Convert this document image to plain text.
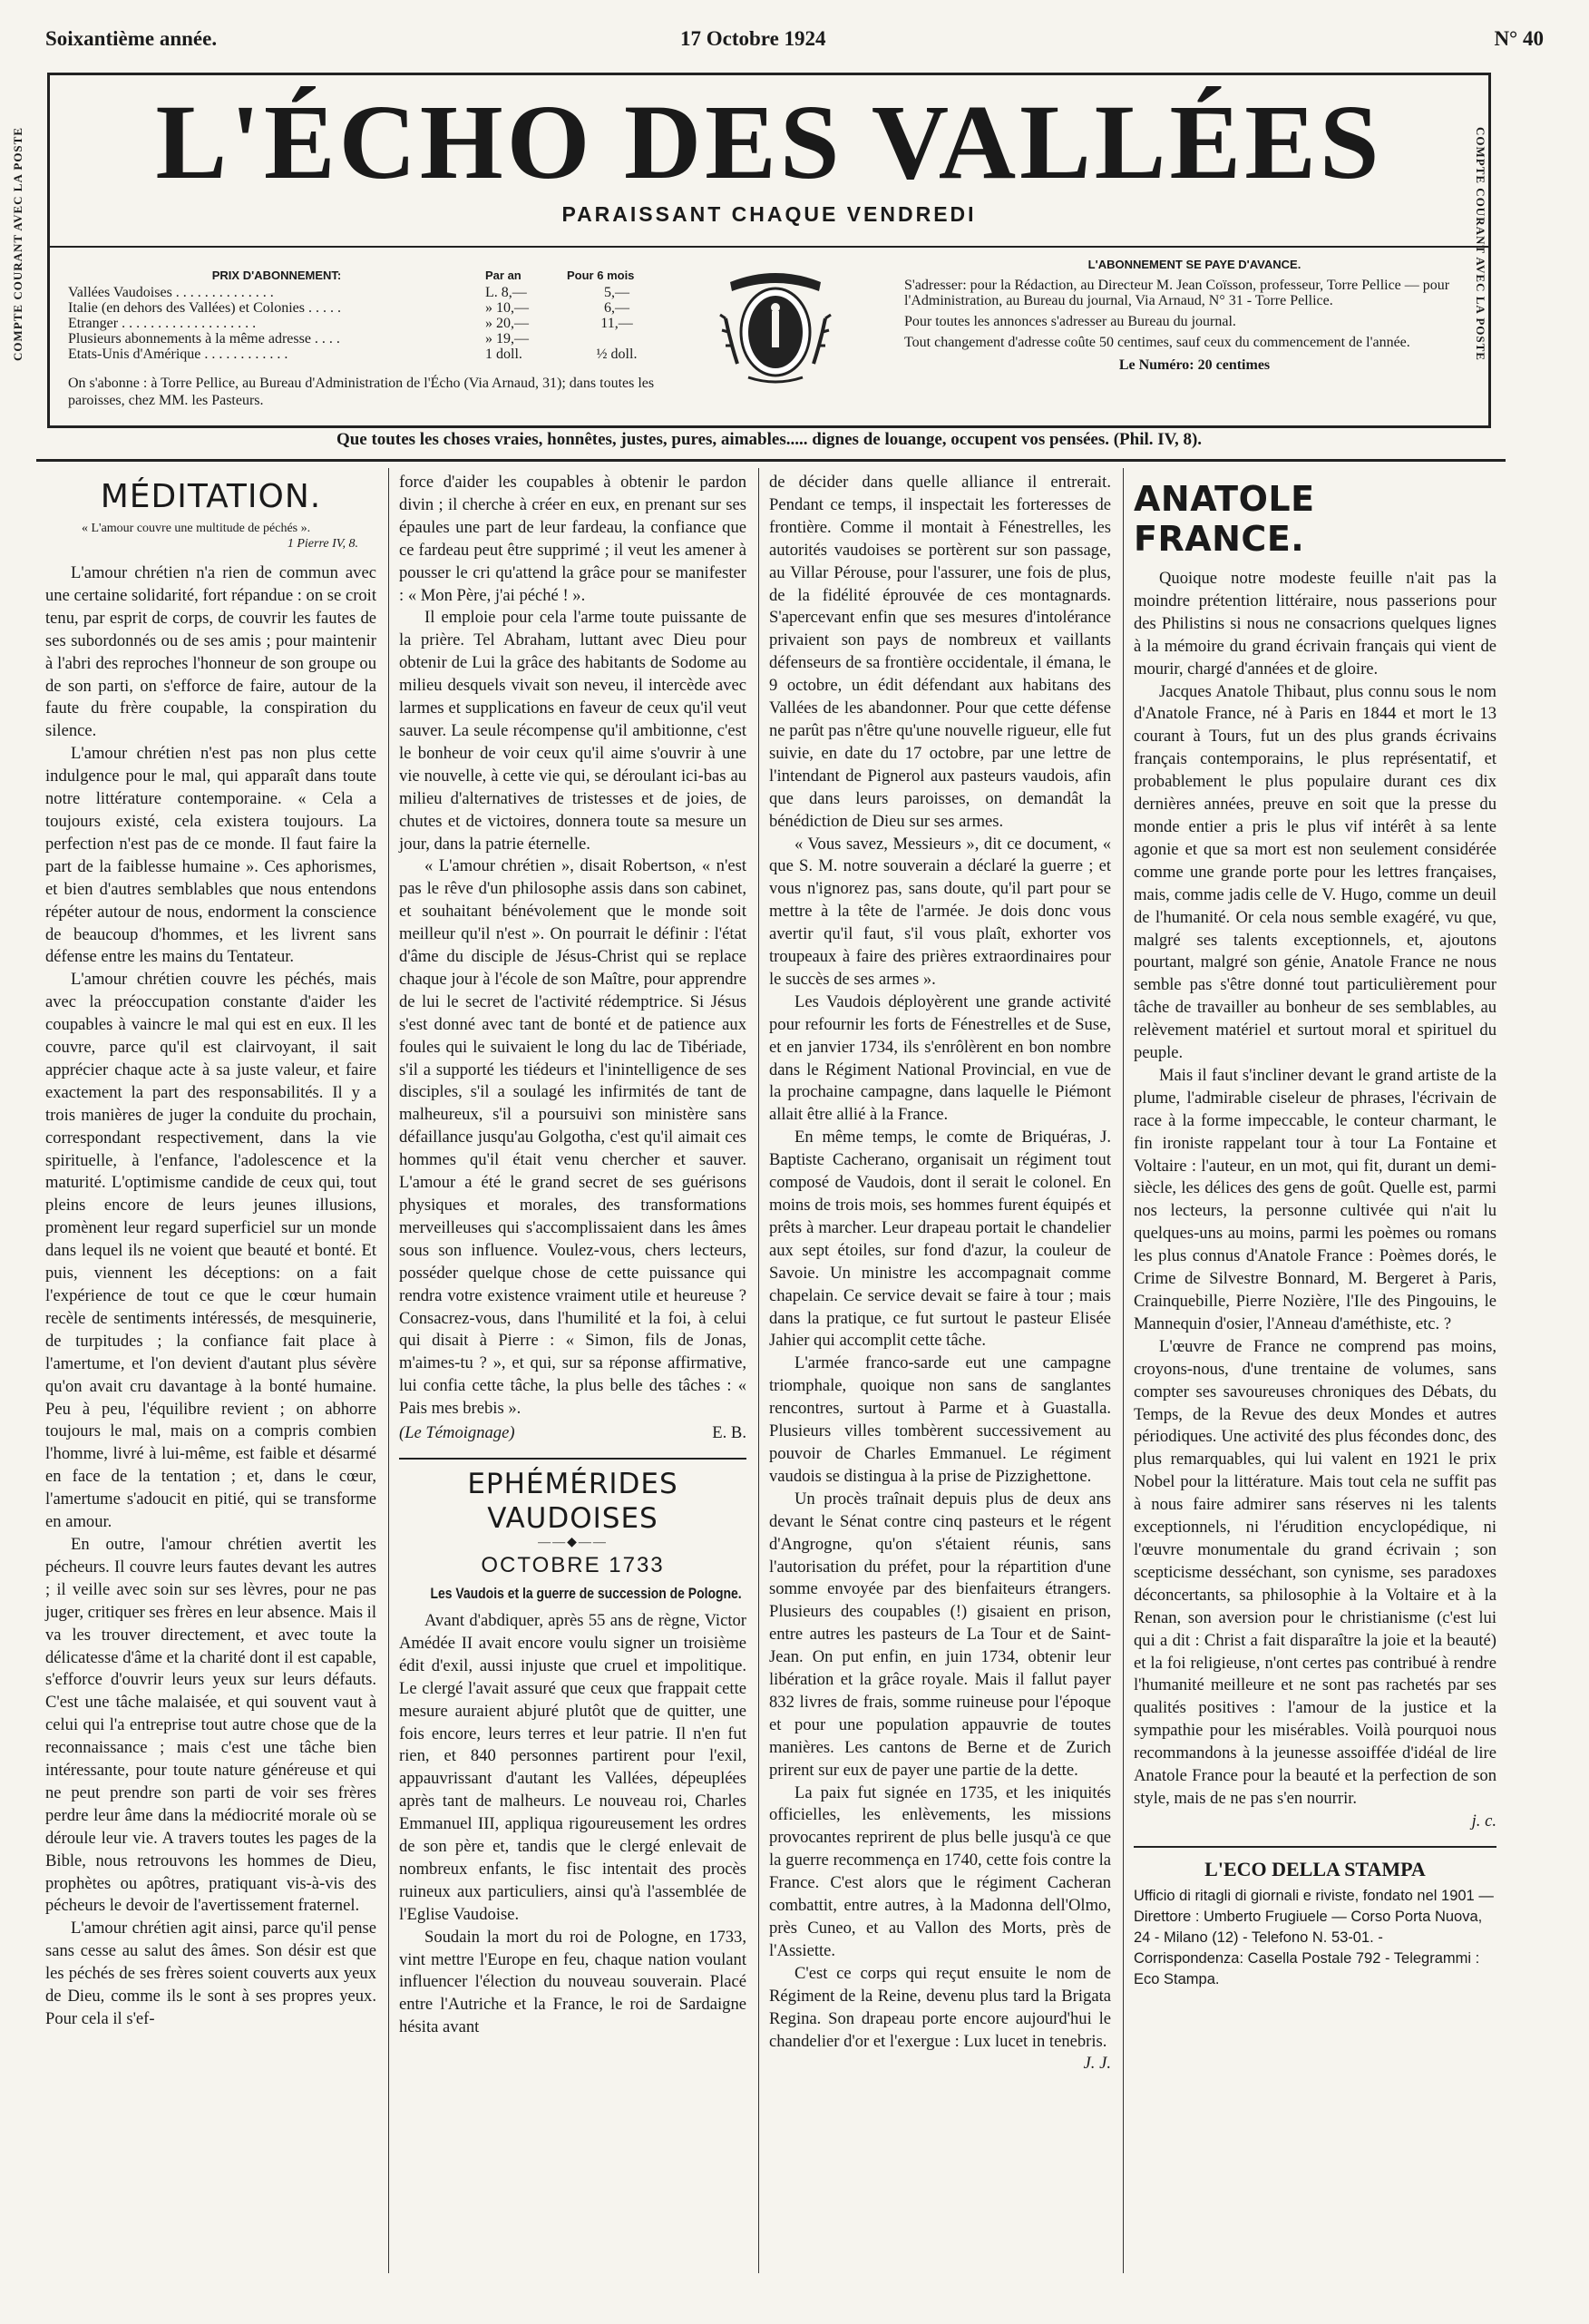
Soixantième année.	17 Octobre 1924	N° 40
COMPTE COURANT AVEC LA POSTE	COMPTE COURANT AVEC LA POSTE
L'ÉCHO DES VALLÉES
PARAISSANT CHAQUE VENDREDI
PRIX D'ABONNEMENT:	Par an	Pour 6 mois
Vallées Vaudoises . . . . . . . . . . . . . .	L. 8,—	5,—
Italie (en dehors des Vallées) et Colonies . . . . .	» 10,—	6,—
Etranger . . . . . . . . . . . . . . . . . . .	» 20,—	11,—
Plusieurs abonnements à la même adresse . . . .	» 19,—
Etats-Unis d'Amérique . . . . . . . . . . . .	1 doll.	½ doll.
On s'abonne : à Torre Pellice, au Bureau d'Administration de l'Écho (Via Arnaud, 31); dans toutes les paroisses, chez MM. les Pasteurs.
L'ABONNEMENT SE PAYE D'AVANCE.

S'adresser: pour la Rédaction, au Directeur M. Jean Coïsson, professeur, Torre Pellice — pour l'Administration, au Bureau du journal, Via Arnaud, N° 31 - Torre Pellice.

Pour toutes les annonces s'adresser au Bureau du journal.

Tout changement d'adresse coûte 50 centimes, sauf ceux du commencement de l'année.

Le Numéro: 20 centimes
Que toutes les choses vraies, honnêtes, justes, pures, aimables..... dignes de louange, occupent vos pensées. (Phil. IV, 8).
MÉDITATION.
« L'amour couvre une multitude de péchés ».
1 Pierre IV, 8.

L'amour chrétien n'a rien de commun avec une certaine solidarité, fort répandue : on se croit tenu, par esprit de corps, de couvrir les fautes de ses subordonnés ou de ses amis ; pour maintenir à l'abri des reproches l'honneur de son groupe ou de son parti, on s'efforce de faire, autour de la faute du frère coupable, la conspiration du silence.

L'amour chrétien n'est pas non plus cette indulgence pour le mal, qui apparaît dans toute notre littérature contemporaine. « Cela a toujours existé, cela existera toujours. La perfection n'est pas de ce monde. Il faut faire la part de la faiblesse humaine ». Ces aphorismes, et bien d'autres semblables que nous entendons répéter autour de nous, endorment la conscience de beaucoup d'hommes, et les livrent sans défense entre les mains du Tentateur.

L'amour chrétien couvre les péchés, mais avec la préoccupation constante d'aider les coupables à vaincre le mal qui est en eux. Il les couvre, parce qu'il est clairvoyant, il sait apprécier chaque acte à sa juste valeur, et faire exactement la part des responsabilités. Il y a trois manières de juger la conduite du prochain, correspondant respectivement, dans la vie spirituelle, à l'enfance, l'adolescence et la maturité. L'optimisme candide de ceux qui, tout pleins encore de leurs jeunes illusions, promènent leur regard superficiel sur un monde dans lequel ils ne voient que beauté et bonté. Et puis, viennent les déceptions: on a fait l'expérience de tout ce que le cœur humain recèle de sentiments intéressés, de mesquinerie, de turpitudes ; la confiance fait place à l'amertume, et l'on devient d'autant plus sévère qu'on avait cru davantage à la bonté humaine. Peu à peu, l'équilibre revient ; on abhorre toujours le mal, mais on a compris combien l'homme, livré à lui-même, est faible et désarmé en face de la tentation ; et, dans le cœur, l'amertume s'adoucit en pitié, qui se transforme en amour.

En outre, l'amour chrétien avertit les pécheurs. Il couvre leurs fautes devant les autres ; il veille avec soin sur ses lèvres, pour ne pas juger, critiquer ses frères en leur absence. Mais il va les trouver directement, et avec toute la délicatesse d'âme et la charité dont il est capable, s'efforce d'ouvrir leurs yeux sur leurs défauts. C'est une tâche malaisée, et qui souvent vaut à celui qui l'a entreprise tout autre chose que de la reconnaissance ; mais c'est une tâche bien intéressante, pour toute nature généreuse et qui ne peut prendre son parti de voir ses frères perdre leur âme dans la médiocrité morale où se déroule leur vie. A travers toutes les pages de la Bible, nous retrouvons les hommes de Dieu, prophètes ou apôtres, pratiquant vis-à-vis des pécheurs le devoir de l'avertissement fraternel.

L'amour chrétien agit ainsi, parce qu'il pense sans cesse au salut des âmes. Son désir est que les péchés de ses frères soient couverts aux yeux de Dieu, comme ils le sont à ses propres yeux. Pour cela il s'ef-

force d'aider les coupables à obtenir le pardon divin ; il cherche à créer en eux, en prenant sur ses épaules une part de leur fardeau, la confiance que ce fardeau peut être supprimé ; il veut les amener à pousser le cri qu'attend la grâce pour se manifester : « Mon Père, j'ai péché ! ».

Il emploie pour cela l'arme toute puissante de la prière. Tel Abraham, luttant avec Dieu pour obtenir de Lui la grâce des habitants de Sodome au milieu desquels vivait son neveu, il intercède avec larmes et supplications en faveur de ceux qu'il veut sauver. La seule récompense qu'il ambitionne, c'est le bonheur de voir ceux qu'il aime s'ouvrir à une vie nouvelle, à cette vie qui, se déroulant ici-bas au milieu d'alternatives de tristesses et de joies, de chutes et de victoires, donnera toute sa mesure un jour, dans la patrie éternelle.

« L'amour chrétien », disait Robertson, « n'est pas le rêve d'un philosophe assis dans son cabinet, et souhaitant bénévolement que le monde soit meilleur qu'il n'est ». On pourrait le définir : l'état d'âme du disciple de Jésus-Christ qui se replace chaque jour à l'école de son Maître, pour apprendre de lui le secret de l'activité rédemptrice. Si Jésus s'est donné avec tant de bonté et de patience aux foules qui le suivaient le long du lac de Tibériade, s'il a supporté les tiédeurs et l'inintelligence de ses disciples, s'il a soulagé les infirmités de tant de malheureux, s'il a poursuivi son ministère sans défaillance jusqu'au Golgotha, c'est qu'il aimait ces hommes qu'il était venu chercher et sauver. L'amour a été le grand secret de ses guérisons physiques et morales, des transformations merveilleuses qui s'accomplissaient dans les âmes sous son influence. Voulez-vous, chers lecteurs, posséder quelque chose de cette puissance qui rendra votre existence vraiment utile et heureuse ? Consacrez-vous, dans l'humilité et la foi, à celui qui disait à Pierre : « Simon, fils de Jonas, m'aimes-tu ? », et qui, sur sa réponse affirmative, lui confia cette tâche, la plus belle des tâches : « Pais mes brebis ».

(Le Témoignage)	E. B.
EPHÉMÉRIDES VAUDOISES
——◆——
OCTOBRE 1733
Les Vaudois et la guerre de succession de Pologne.

Avant d'abdiquer, après 55 ans de règne, Victor Amédée II avait encore voulu signer un troisième édit d'exil, aussi injuste que cruel et impolitique. Le clergé l'avait assuré que ceux que frappait cette mesure auraient abjuré plutôt que de quitter, une fois encore, leurs terres et leur patrie. Il n'en fut rien, et 840 personnes partirent pour l'exil, appauvrissant d'autant les Vallées, dépeuplées après tant de malheurs. Le nouveau roi, Charles Emmanuel III, appliqua rigoureusement les ordres de son père et, tandis que le clergé enlevait de nombreux enfants, le fisc intentait des procès ruineux aux particuliers, ainsi qu'à l'assemblée de l'Eglise Vaudoise.

Soudain la mort du roi de Pologne, en 1733, vint mettre l'Europe en feu, chaque nation voulant influencer l'élection du nouveau souverain. Placé entre l'Autriche et la France, le roi de Sardaigne hésita avant

de décider dans quelle alliance il entrerait. Pendant ce temps, il inspectait les forteresses de frontière. Comme il montait à Fénestrelles, les autorités vaudoises se portèrent sur son passage, au Villar Pérouse, pour l'assurer, une fois de plus, de la fidélité éprouvée de ces montagnards. S'apercevant enfin que ses mesures d'intolérance privaient son pays de nombreux et vaillants défenseurs de sa frontière occidentale, il émana, le 9 octobre, un édit défendant aux habitans des Vallées de les abandonner. Pour que cette défense ne parût pas n'être qu'une nouvelle rigueur, elle fut suivie, en date du 17 octobre, par une lettre de l'intendant de Pignerol aux pasteurs vaudois, afin que dans leurs paroisses, on demandât la bénédiction de Dieu sur ses armes.

« Vous savez, Messieurs », dit ce document, « que S. M. notre souverain a déclaré la guerre ; et vous n'ignorez pas, sans doute, qu'il part pour se mettre à la tête de l'armée. Je dois donc vous avertir qu'il faut, s'il vous plaît, exhorter vos troupeaux à faire des prières extraordinaires pour le succès de ses armes ».

Les Vaudois déployèrent une grande activité pour refournir les forts de Fénestrelles et de Suse, et en janvier 1734, ils s'enrôlèrent en bon nombre dans le Régiment National Provincial, en vue de la prochaine campagne, dans laquelle le Piémont allait être allié à la France.

En même temps, le comte de Briquéras, J. Baptiste Cacherano, organisait un régiment tout composé de Vaudois, dont il serait le colonel. En moins de trois mois, ses hommes furent équipés et prêts à marcher. Leur drapeau portait le chandelier aux sept étoiles, sur fond d'azur, la couleur de Savoie. Un ministre les accompagnait comme chapelain. Ce service devait se faire à tour ; mais dans la pratique, ce fut surtout le pasteur Elisée Jahier qui accomplit cette tâche.

L'armée franco-sarde eut une campagne triomphale, quoique non sans de sanglantes rencontres, surtout à Parme et à Guastalla. Plusieurs villes tombèrent successivement au pouvoir de Charles Emmanuel. Le régiment vaudois se distingua à la prise de Pizzighettone.

Un procès traînait depuis plus de deux ans devant le Sénat contre cinq pasteurs et le régent d'Angrogne, qu'on s'étaient réunis, sans l'autorisation du préfet, pour la répartition d'une somme envoyée par des bienfaiteurs étrangers. Plusieurs des coupables (!) gisaient en prison, entre autres les pasteurs de La Tour et de Saint-Jean. On put enfin, en juin 1734, obtenir leur libération et la grâce royale. Mais il fallut payer 832 livres de frais, somme ruineuse pour l'époque et pour une population appauvrie de toutes manières. Les cantons de Berne et de Zurich prirent sur eux de payer une partie de la dette.

La paix fut signée en 1735, et les iniquités officielles, les enlèvements, les missions provocantes reprirent de plus belle jusqu'à ce que la guerre recommença en 1740, cette fois contre la France. C'est alors que le régiment Cacheran combattit, entre autres, à la Madonna dell'Olmo, près Cuneo, et au Vallon des Morts, près de l'Assiette.

C'est ce corps qui reçut ensuite le nom de Régiment de la Reine, devenu plus tard la Brigata Regina. Son drapeau porte encore aujourd'hui le chandelier d'or et l'exergue : Lux lucet in tenebris.

J. J.
ANATOLE FRANCE.

Quoique notre modeste feuille n'ait pas la moindre prétention littéraire, nous passerions pour des Philistins si nous ne consacrions quelques lignes à la mémoire du grand écrivain français qui vient de mourir, chargé d'années et de gloire.

Jacques Anatole Thibaut, plus connu sous le nom d'Anatole France, né à Paris en 1844 et mort le 13 courant à Tours, fut un des plus grands écrivains français contemporains, le plus représentatif, et probablement le plus populaire durant ces dix dernières années, preuve en soit que la presse du monde entier a pris le plus vif intérêt à sa lente agonie et que sa mort est non seulement considérée comme une grande porte pour les lettres françaises, mais, comme jadis celle de V. Hugo, comme un deuil de l'humanité. Or cela nous semble exagéré, vu que, malgré ses talents exceptionnels, et, ajoutons pourtant, malgré son génie, Anatole France ne nous semble pas s'être donné tout particulièrement pour tâche de travailler au bonheur de ses semblables, au relèvement matériel et surtout moral et spirituel du peuple.

Mais il faut s'incliner devant le grand artiste de la plume, l'admirable ciseleur de phrases, l'écrivain de race à la forme impeccable, le conteur charmant, le fin ironiste rappelant tour à tour La Fontaine et Voltaire : l'auteur, en un mot, qui fit, durant un demi-siècle, les délices des gens de goût. Quelle est, parmi nos lecteurs, la personne cultivée qui n'ait lu quelques-uns au moins, parmi les poèmes ou romans les plus connus d'Anatole France : Poèmes dorés, le Crime de Silvestre Bonnard, M. Bergeret à Paris, Crainquebille, Pierre Nozière, l'Ile des Pingouins, le Mannequin d'osier, l'Anneau d'améthiste, etc. ?

L'œuvre de France ne comprend pas moins, croyons-nous, d'une trentaine de volumes, sans compter ses savoureuses chroniques des Débats, du Temps, de la Revue des deux Mondes et autres périodiques. Une activité des plus fécondes donc, des plus remarquables, qui lui valent en 1921 le prix Nobel pour la littérature. Mais tout cela ne suffit pas à nous faire admirer sans réserves ni les talents exceptionnels, ni l'érudition encyclopédique, ni l'œuvre monumentale du grand écrivain ; son scepticisme desséchant, son cynisme, ses paradoxes déconcertants, sa philosophie à la Voltaire et à la Renan, son aversion pour le christianisme (c'est lui qui a dit : Christ a fait disparaître la joie et la beauté) et la foi religieuse, n'ont certes pas contribué à rendre l'humanité meilleure et ne sont pas rachetés par ses qualités positives : l'amour de la justice et la sympathie pour les misérables. Voilà pourquoi nous recommandons à la jeunesse assoiffée d'idéal de lire Anatole France pour la beauté et la perfection de son style, mais de ne pas s'en nourrir.

j. c.
L'ECO DELLA STAMPA
Ufficio di ritagli di giornali e riviste, fondato nel 1901 — Direttore : Umberto Frugiuele — Corso Porta Nuova, 24 - Milano (12) - Telefono N. 53-01. - Corrispondenza: Casella Postale 792 - Telegrammi : Eco Stampa.
